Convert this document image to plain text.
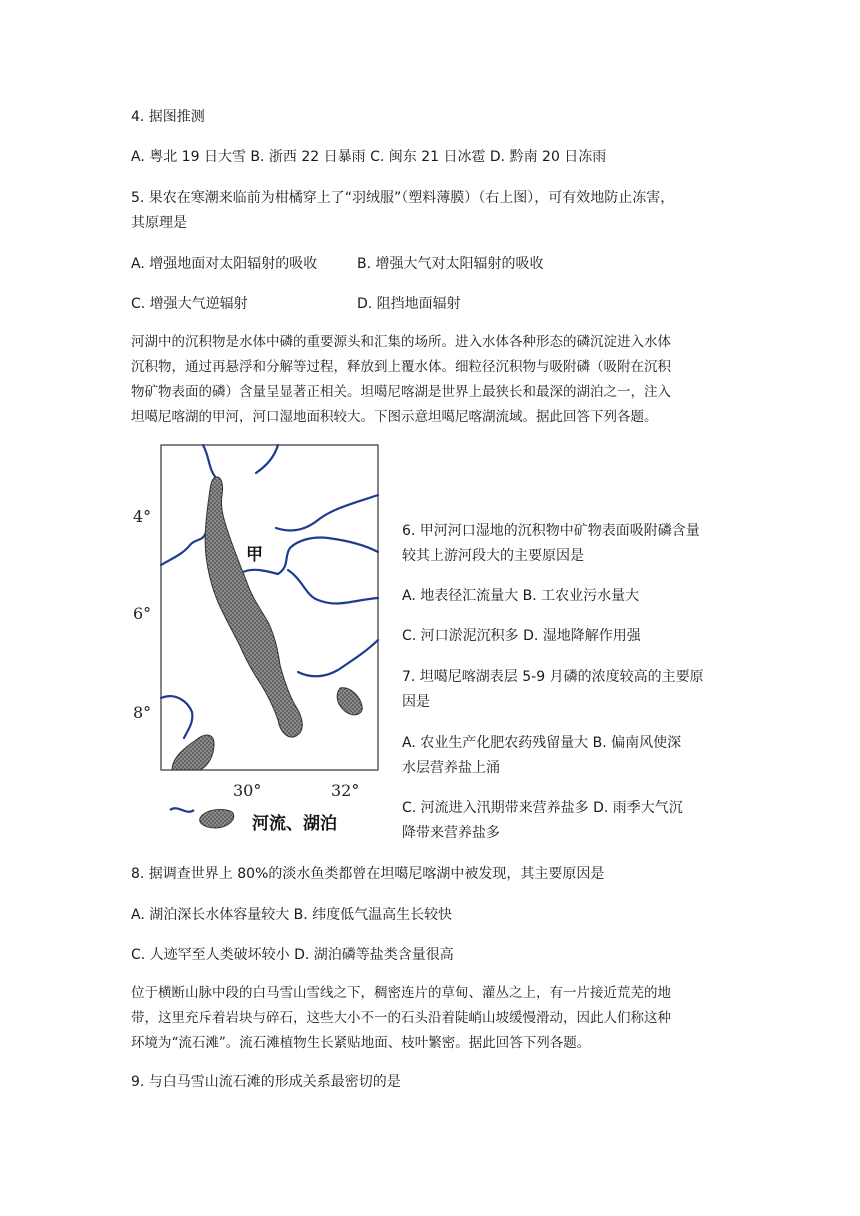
4. 据图推测
A. 粤北 19 日大雪 B. 浙西 22 日暴雨 C. 闽东 21 日冰雹 D. 黔南 20 日冻雨
5. 果农在寒潮来临前为柑橘穿上了“羽绒服”（塑料薄膜）（右上图），可有效地防止冻害，
其原理是
A. 增强地面对太阳辐射的吸收	B. 增强大气对太阳辐射的吸收
C. 增强大气逆辐射	D. 阻挡地面辐射
河湖中的沉积物是水体中磷的重要源头和汇集的场所。进入水体各种形态的磷沉淀进入水体
沉积物，通过再悬浮和分解等过程，释放到上覆水体。细粒径沉积物与吸附磷（吸附在沉积
物矿物表面的磷）含量呈显著正相关。坦噶尼喀湖是世界上最狭长和最深的湖泊之一，注入
坦噶尼喀湖的甲河，河口湿地面积较大。下图示意坦噶尼喀湖流域。据此回答下列各题。
4°
6°
8°
30°	32°
甲
河流、湖泊
6. 甲河河口湿地的沉积物中矿物表面吸附磷含量
较其上游河段大的主要原因是
A. 地表径汇流量大 B. 工农业污水量大
C. 河口淤泥沉积多 D. 湿地降解作用强
7. 坦噶尼喀湖表层 5-9 月磷的浓度较高的主要原
因是
A. 农业生产化肥农药残留量大 B. 偏南风使深
水层营养盐上涌
C. 河流进入汛期带来营养盐多 D. 雨季大气沉
降带来营养盐多
8. 据调查世界上 80%的淡水鱼类都曾在坦噶尼喀湖中被发现，其主要原因是
A. 湖泊深长水体容量较大 B. 纬度低气温高生长较快
C. 人迹罕至人类破坏较小 D. 湖泊磷等盐类含量很高
位于横断山脉中段的白马雪山雪线之下，稠密连片的草甸、灌丛之上，有一片接近荒芜的地
带，这里充斥着岩块与碎石，这些大小不一的石头沿着陡峭山坡缓慢滑动，因此人们称这种
环境为“流石滩”。流石滩植物生长紧贴地面、枝叶繁密。据此回答下列各题。
9. 与白马雪山流石滩的形成关系最密切的是
